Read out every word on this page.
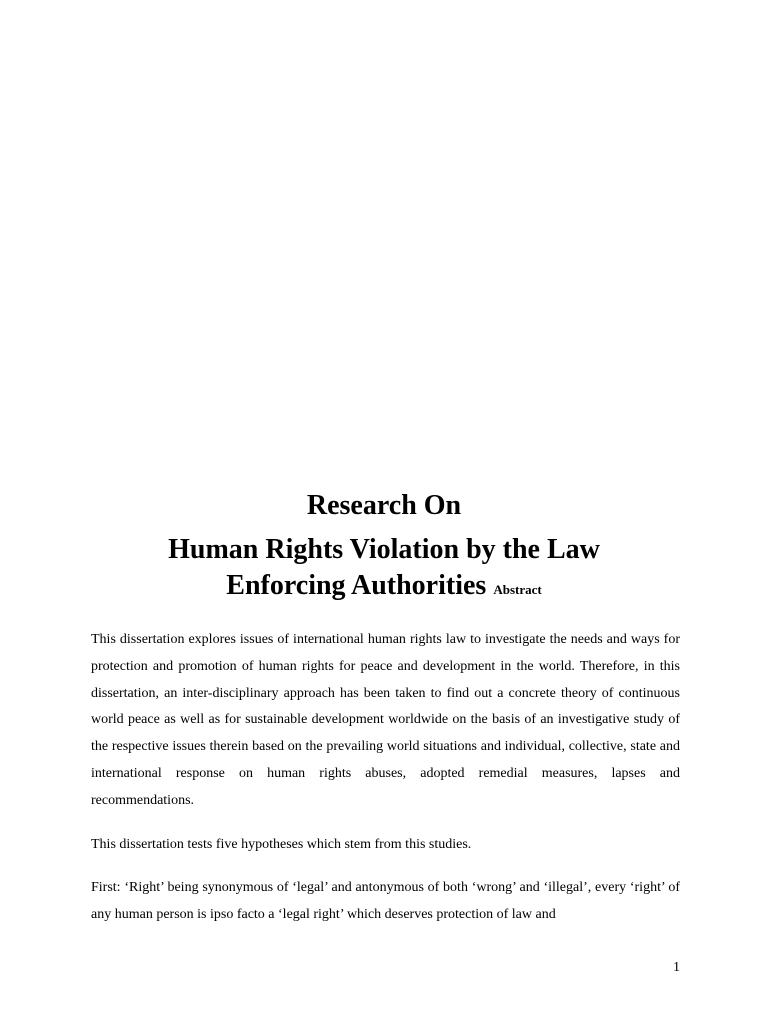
Research On
Human Rights Violation by the Law
Enforcing Authorities Abstract

This dissertation explores issues of international human rights law to investigate the needs and ways for protection and promotion of human rights for peace and development in the world. Therefore, in this dissertation, an inter-disciplinary approach has been taken to find out a concrete theory of continuous world peace as well as for sustainable development worldwide on the basis of an investigative study of the respective issues therein based on the prevailing world situations and individual, collective, state and international response on human rights abuses, adopted remedial measures, lapses and recommendations.

This dissertation tests five hypotheses which stem from this studies.

First: ‘Right’ being synonymous of ‘legal’ and antonymous of both ‘wrong’ and ‘illegal’, every ‘right’ of any human person is ipso facto a ‘legal right’ which deserves protection of law and

1
